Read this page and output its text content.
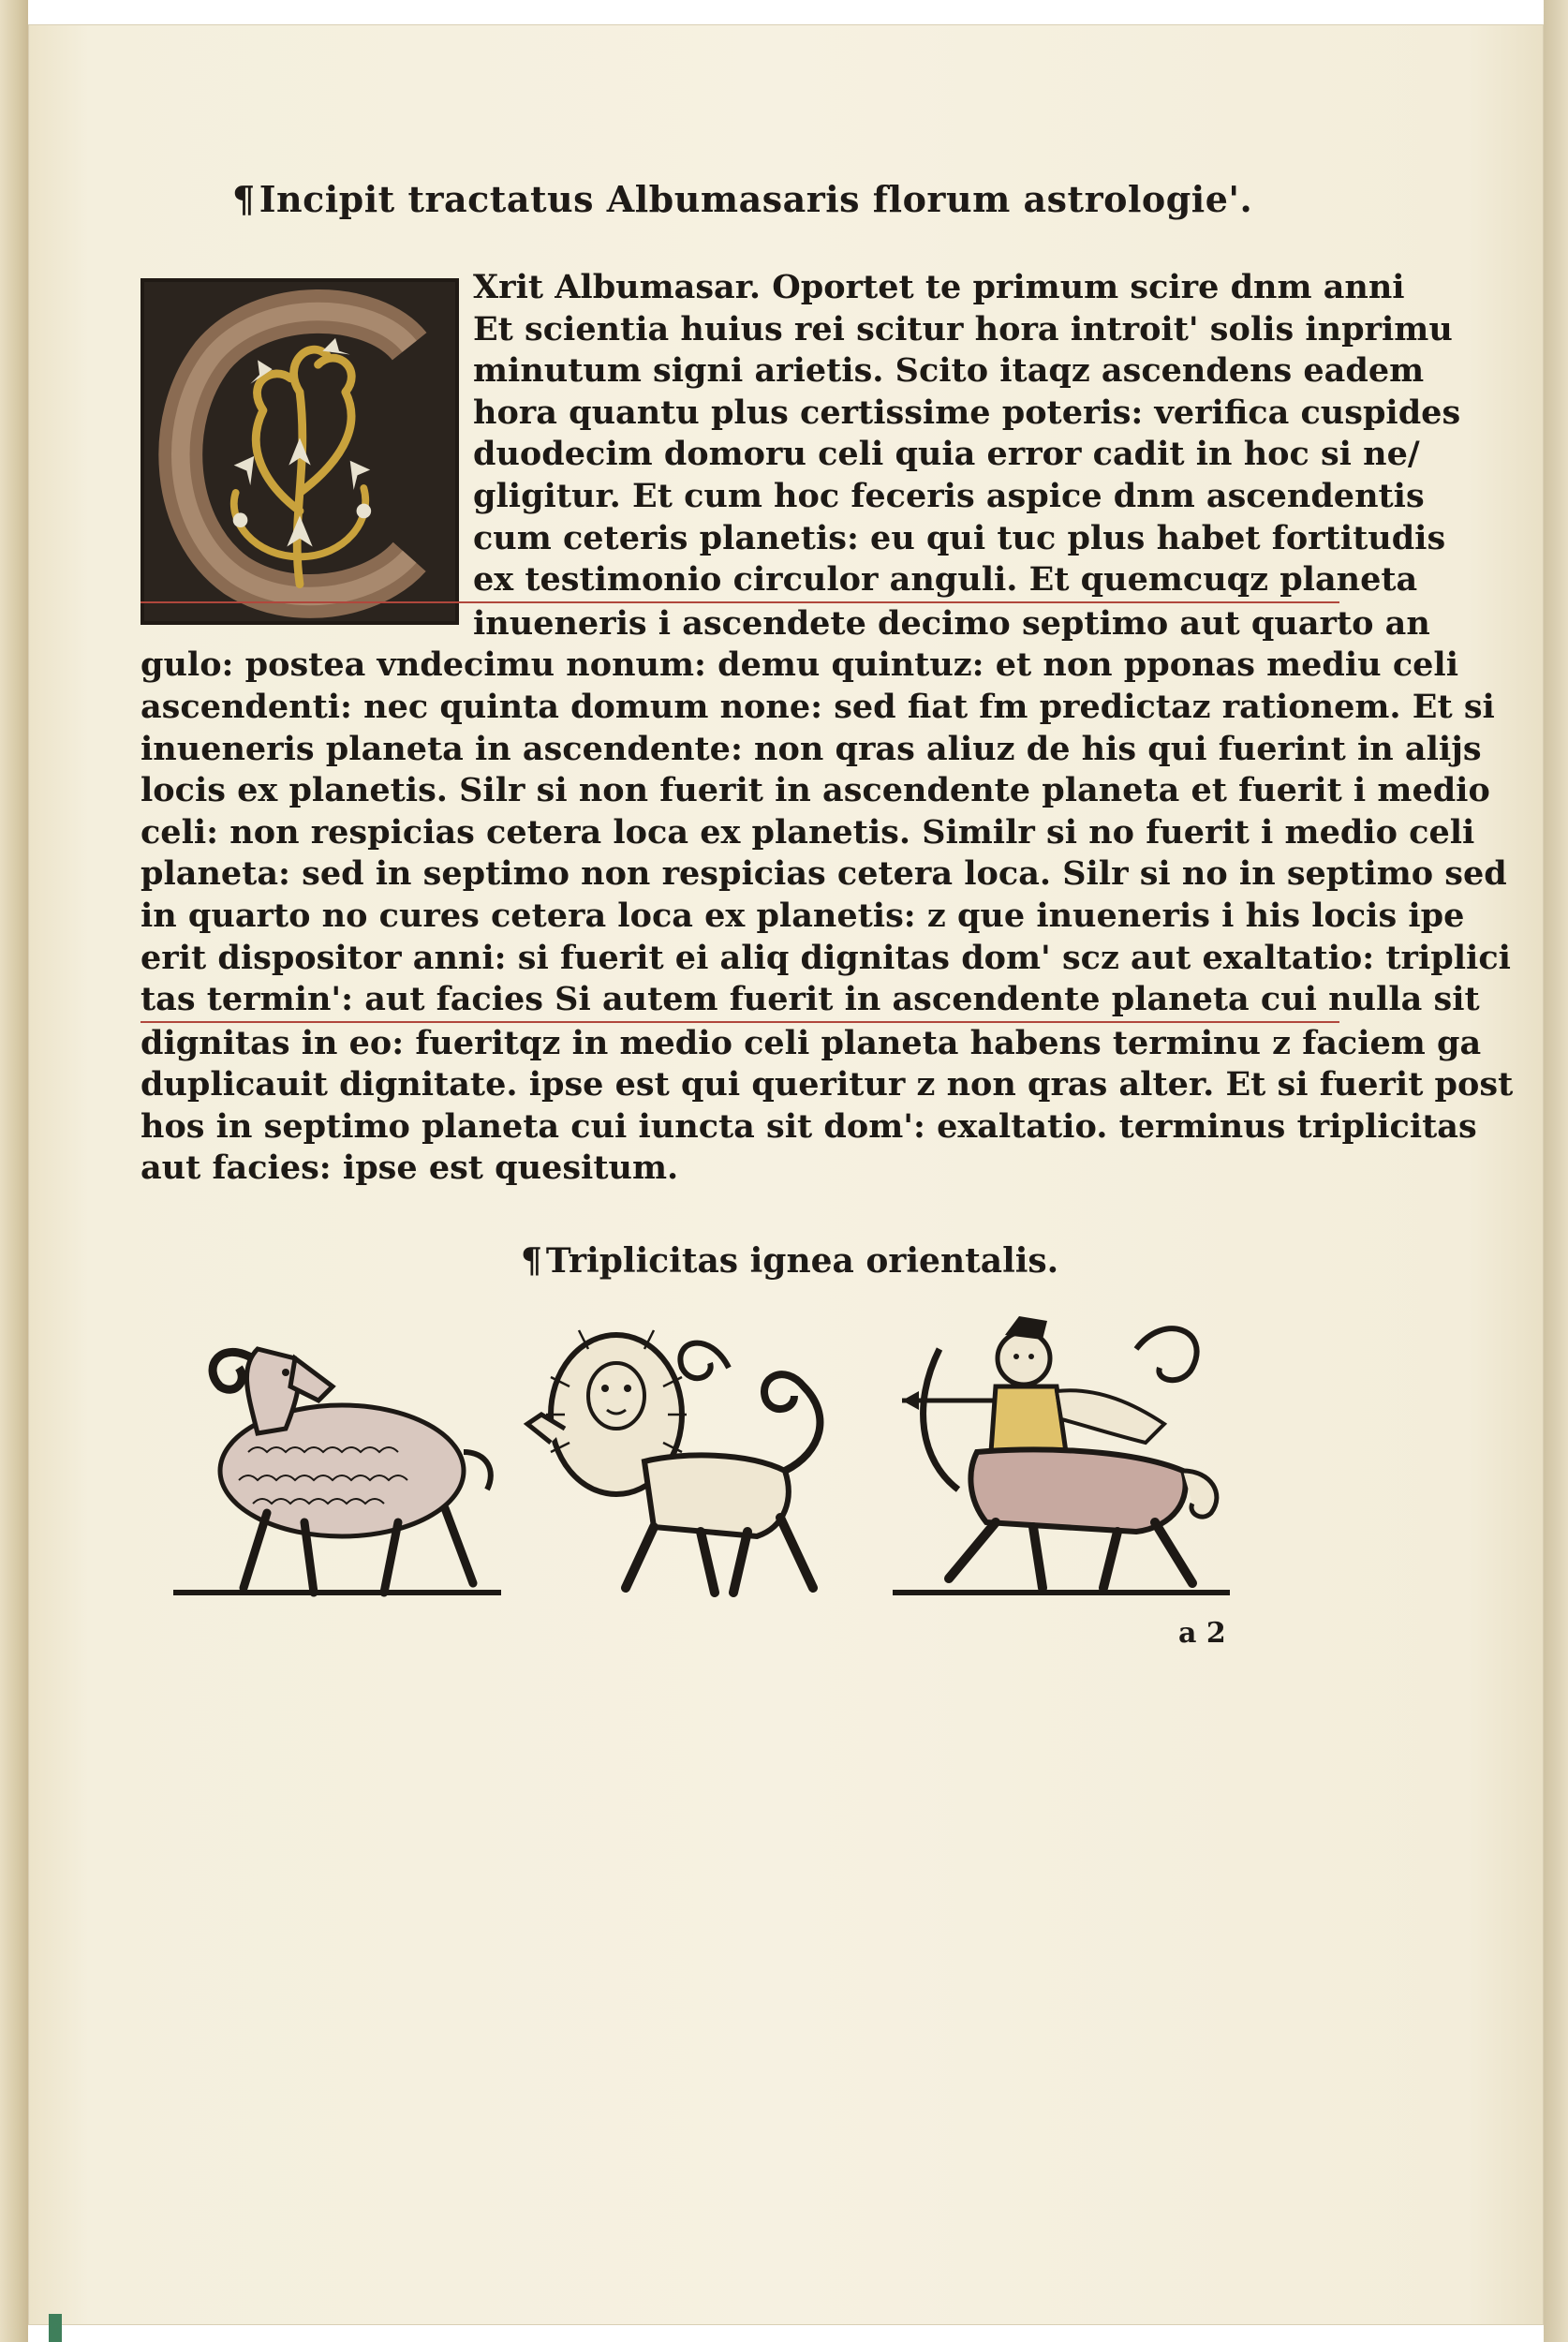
¶ Incipit tractatus Albumasaris florum astrologie'.
Xrit Albumasar. Oportet te primum scire dnm anni
Et scientia huius rei scitur hora introit' solis inprimu
minutum signi arietis. Scito itaqz ascendens eadem
hora quantu plus certissime poteris: verifica cuspides
duodecim domoru celi quia error cadit in hoc si ne/
gligitur. Et cum hoc feceris aspice dnm ascendentis
cum ceteris planetis: eu qui tuc plus habet fortitudis
ex testimonio circulor anguli. Et quemcuqz planeta
inueneris i ascendete decimo septimo aut quarto an
gulo: postea vndecimu nonum: demu quintuz: et non pponas mediu celi
ascendenti: nec quinta domum none: sed fiat fm predictaz rationem. Et si
inueneris planeta in ascendente: non qras aliuz de his qui fuerint in alijs
locis ex planetis. Silr si non fuerit in ascendente planeta et fuerit i medio
celi: non respicias cetera loca ex planetis. Similr si no fuerit i medio celi
planeta: sed in septimo non respicias cetera loca. Silr si no in septimo sed
in quarto no cures cetera loca ex planetis: z que inueneris i his locis ipe
erit dispositor anni: si fuerit ei aliq dignitas dom' scz aut exaltatio: triplici
tas termin': aut facies Si autem fuerit in ascendente planeta cui nulla sit
dignitas in eo: fueritqz in medio celi planeta habens terminu z faciem ga
duplicauit dignitate. ipse est qui queritur z non qras alter. Et si fuerit post
hos in septimo planeta cui iuncta sit dom': exaltatio. terminus triplicitas
aut facies: ipse est quesitum.
¶ Triplicitas ignea orientalis.
a 2
